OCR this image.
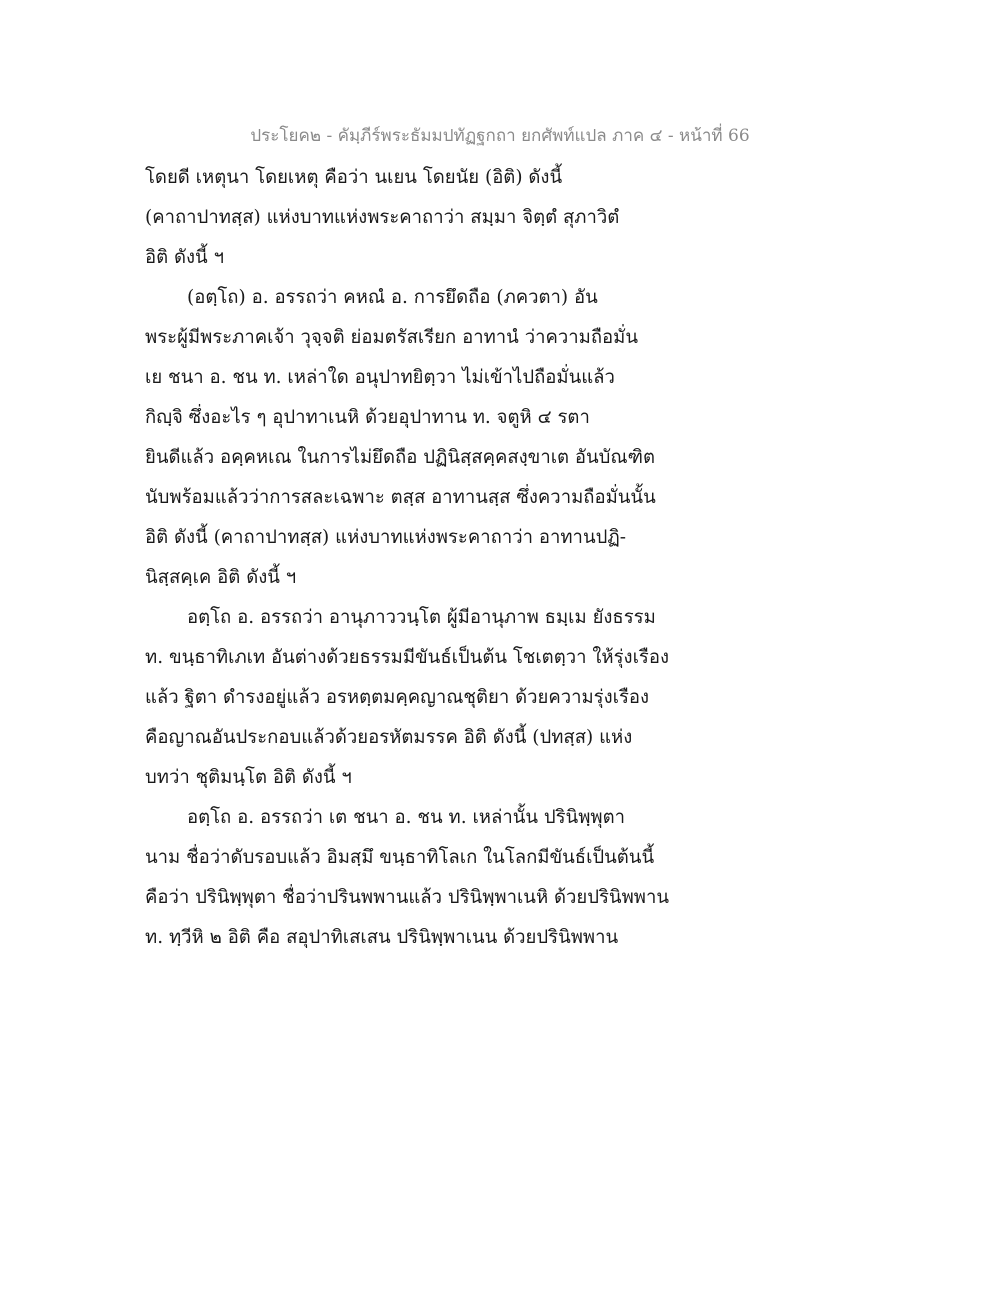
ประโยค๒ - คัมฺภีร์พระธัมมปทัฏฐกถา ยกศัพท์แปล ภาค ๔ - หน้าที่ 66
โดยดี เหตุนา โดยเหตุ คือว่า นเยน โดยนัย (อิติ) ดังนี้
(คาถาปาทสฺส) แห่งบาทแห่งพระคาถาว่า สมฺมา จิตฺตํ สุภาวิตํ
อิติ ดังนี้ ฯ
(อตฺโถ) อ. อรรถว่า คหณํ อ. การยึดถือ (ภควตา) อัน
พระผู้มีพระภาคเจ้า วุจฺจติ ย่อมตรัสเรียก อาทานํ ว่าความถือมั่น
เย ชนา อ. ชน ท. เหล่าใด อนุปาทยิตฺวา ไม่เข้าไปถือมั่นแล้ว
กิญฺจิ ซึ่งอะไร ๆ อุปาทาเนหิ ด้วยอุปาทาน ท. จตูหิ ๔ รตา
ยินดีแล้ว อคฺคหเณ ในการไม่ยึดถือ ปฏินิสฺสคฺคสงฺขาเต อันบัณฑิต
นับพร้อมแล้วว่าการสละเฉพาะ ตสฺส อาทานสฺส ซึ่งความถือมั่นนั้น
อิติ ดังนี้ (คาถาปาทสฺส) แห่งบาทแห่งพระคาถาว่า อาทานปฏิ-
นิสฺสคฺเค อิติ ดังนี้ ฯ
อตฺโถ อ. อรรถว่า อานุภาววนฺโต ผู้มีอานุภาพ ธมฺเม ยังธรรม
ท. ขนฺธาทิเภเท อันต่างด้วยธรรมมีขันธ์เป็นต้น โชเตตฺวา ให้รุ่งเรือง
แล้ว ฐิตา ดำรงอยู่แล้ว อรหตฺตมคฺคญาณชุติยา ด้วยความรุ่งเรือง
คือญาณอันประกอบแล้วด้วยอรหัตมรรค อิติ ดังนี้ (ปทสฺส) แห่ง
บทว่า ชุติมนฺโต อิติ ดังนี้ ฯ
อตฺโถ อ. อรรถว่า เต ชนา อ. ชน ท. เหล่านั้น ปรินิพฺพุตา
นาม ชื่อว่าดับรอบแล้ว อิมสฺมึ ขนฺธาทิโลเก ในโลกมีขันธ์เป็นต้นนี้
คือว่า ปรินิพฺพุตา ชื่อว่าปรินพพานแล้ว ปรินิพฺพาเนหิ ด้วยปรินิพพาน
ท. ทฺวีหิ ๒ อิติ คือ สอุปาทิเสเสน ปรินิพฺพาเนน ด้วยปรินิพพาน
